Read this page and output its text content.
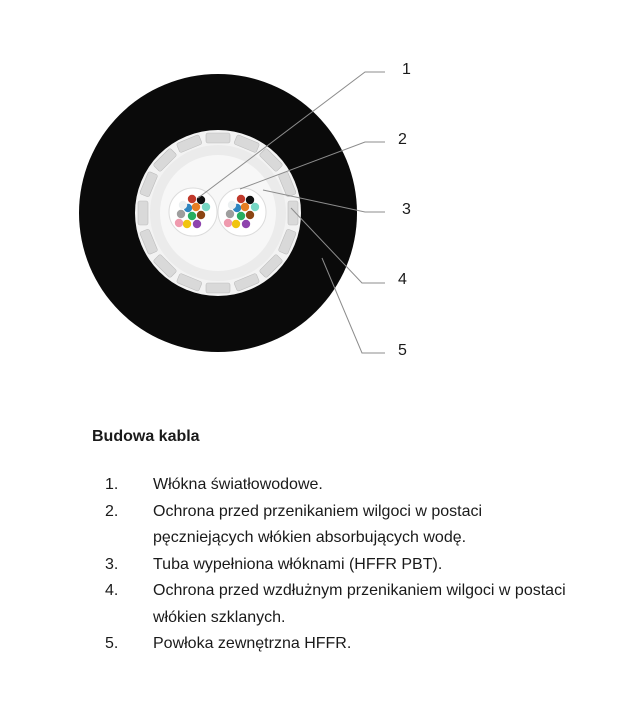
1
2
3
4
5
Budowa kabla
1. Włókna światłowodowe.
2. Ochrona przed przenikaniem wilgoci w postaci
pęczniejących włókien absorbujących wodę.
3. Tuba wypełniona włóknami (HFFR PBT).
4. Ochrona przed wzdłużnym przenikaniem wilgoci w postaci
włókien szklanych.
5. Powłoka zewnętrzna HFFR.
